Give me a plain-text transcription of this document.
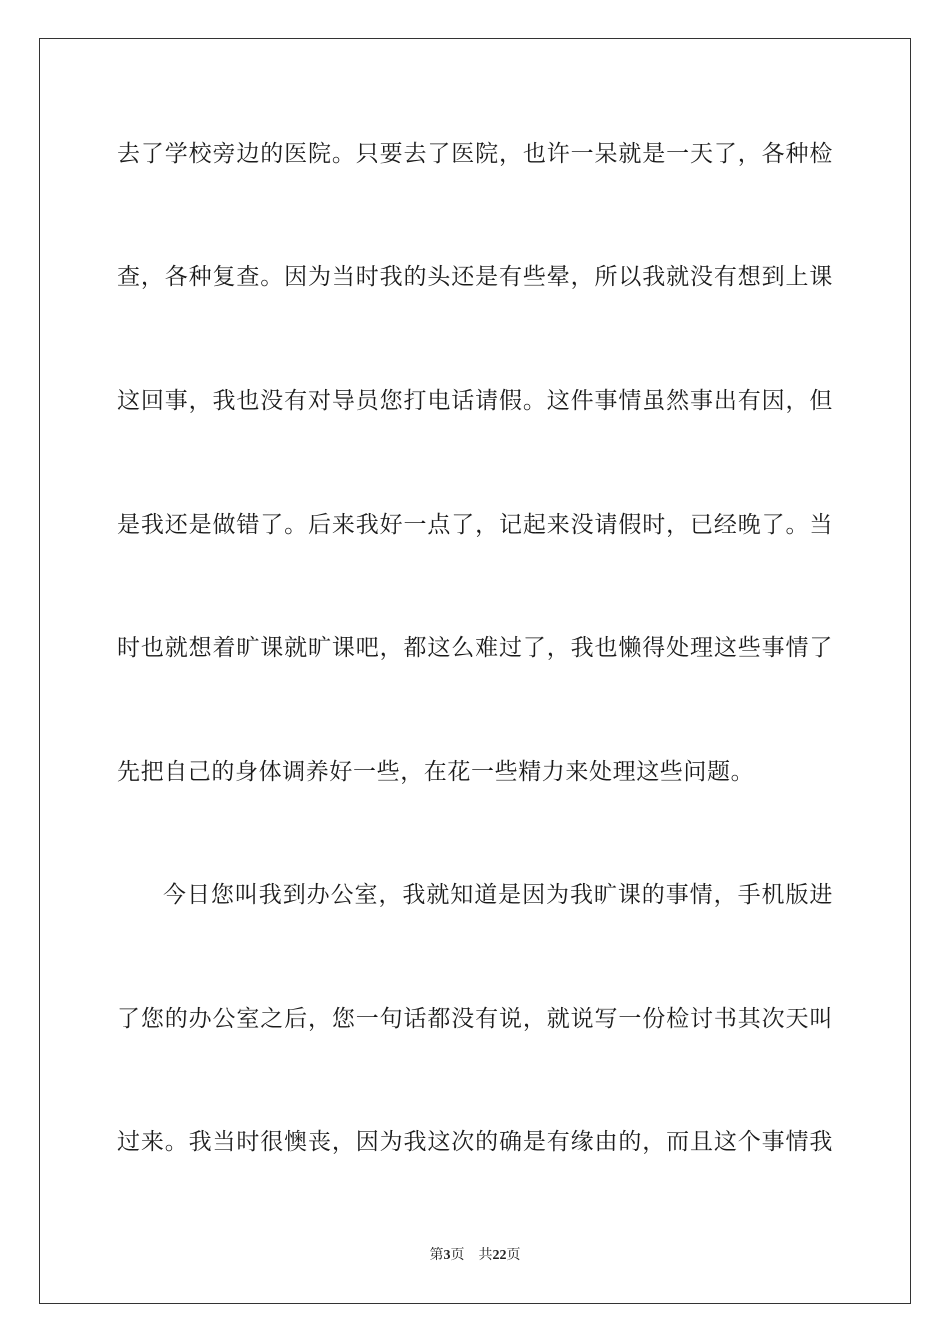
去了学校旁边的医院。只要去了医院，也许一呆就是一天了，各种检
查，各种复查。因为当时我的头还是有些晕，所以我就没有想到上课
这回事，我也没有对导员您打电话请假。这件事情虽然事出有因，但
是我还是做错了。后来我好一点了，记起来没请假时，已经晚了。当
时也就想着旷课就旷课吧，都这么难过了，我也懒得处理这些事情了
先把自己的身体调养好一些，在花一些精力来处理这些问题。
今日您叫我到办公室，我就知道是因为我旷课的事情，手机版进
了您的办公室之后，您一句话都没有说，就说写一份检讨书其次天叫
过来。我当时很懊丧，因为我这次的确是有缘由的，而且这个事情我
第3页 共22页
